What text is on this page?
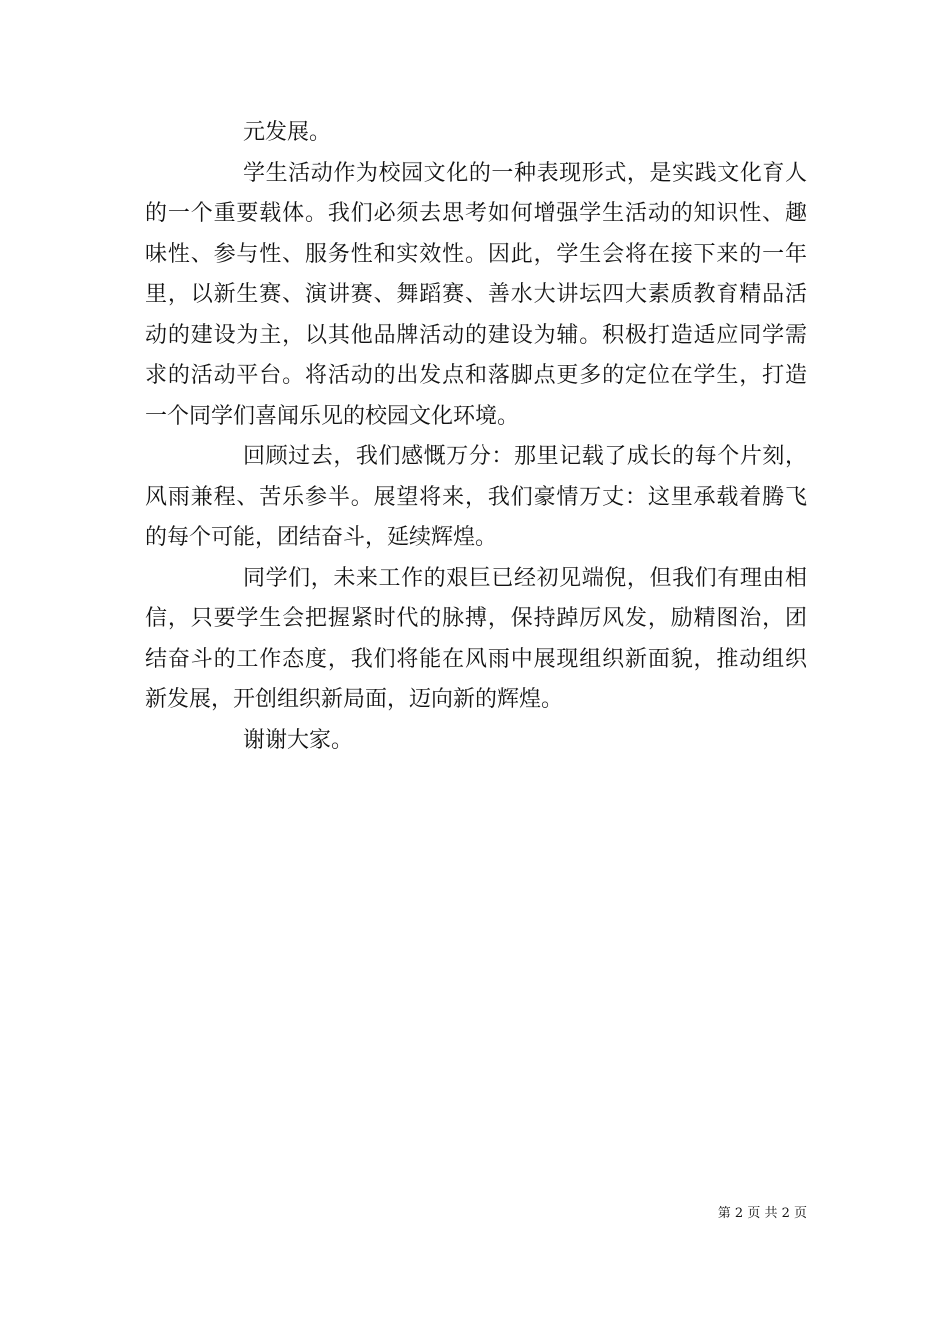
元发展。
学生活动作为校园文化的一种表现形式，是实践文化育人
的一个重要载体。我们必须去思考如何增强学生活动的知识性、趣
味性、参与性、服务性和实效性。因此，学生会将在接下来的一年
里，以新生赛、演讲赛、舞蹈赛、善水大讲坛四大素质教育精品活
动的建设为主，以其他品牌活动的建设为辅。积极打造适应同学需
求的活动平台。将活动的出发点和落脚点更多的定位在学生，打造
一个同学们喜闻乐见的校园文化环境。
回顾过去，我们感慨万分：那里记载了成长的每个片刻，
风雨兼程、苦乐参半。展望将来，我们豪情万丈：这里承载着腾飞
的每个可能，团结奋斗，延续辉煌。
同学们，未来工作的艰巨已经初见端倪，但我们有理由相
信，只要学生会把握紧时代的脉搏，保持踔厉风发，励精图治，团
结奋斗的工作态度，我们将能在风雨中展现组织新面貌，推动组织
新发展，开创组织新局面，迈向新的辉煌。
谢谢大家。
第 2 页 共 2 页
